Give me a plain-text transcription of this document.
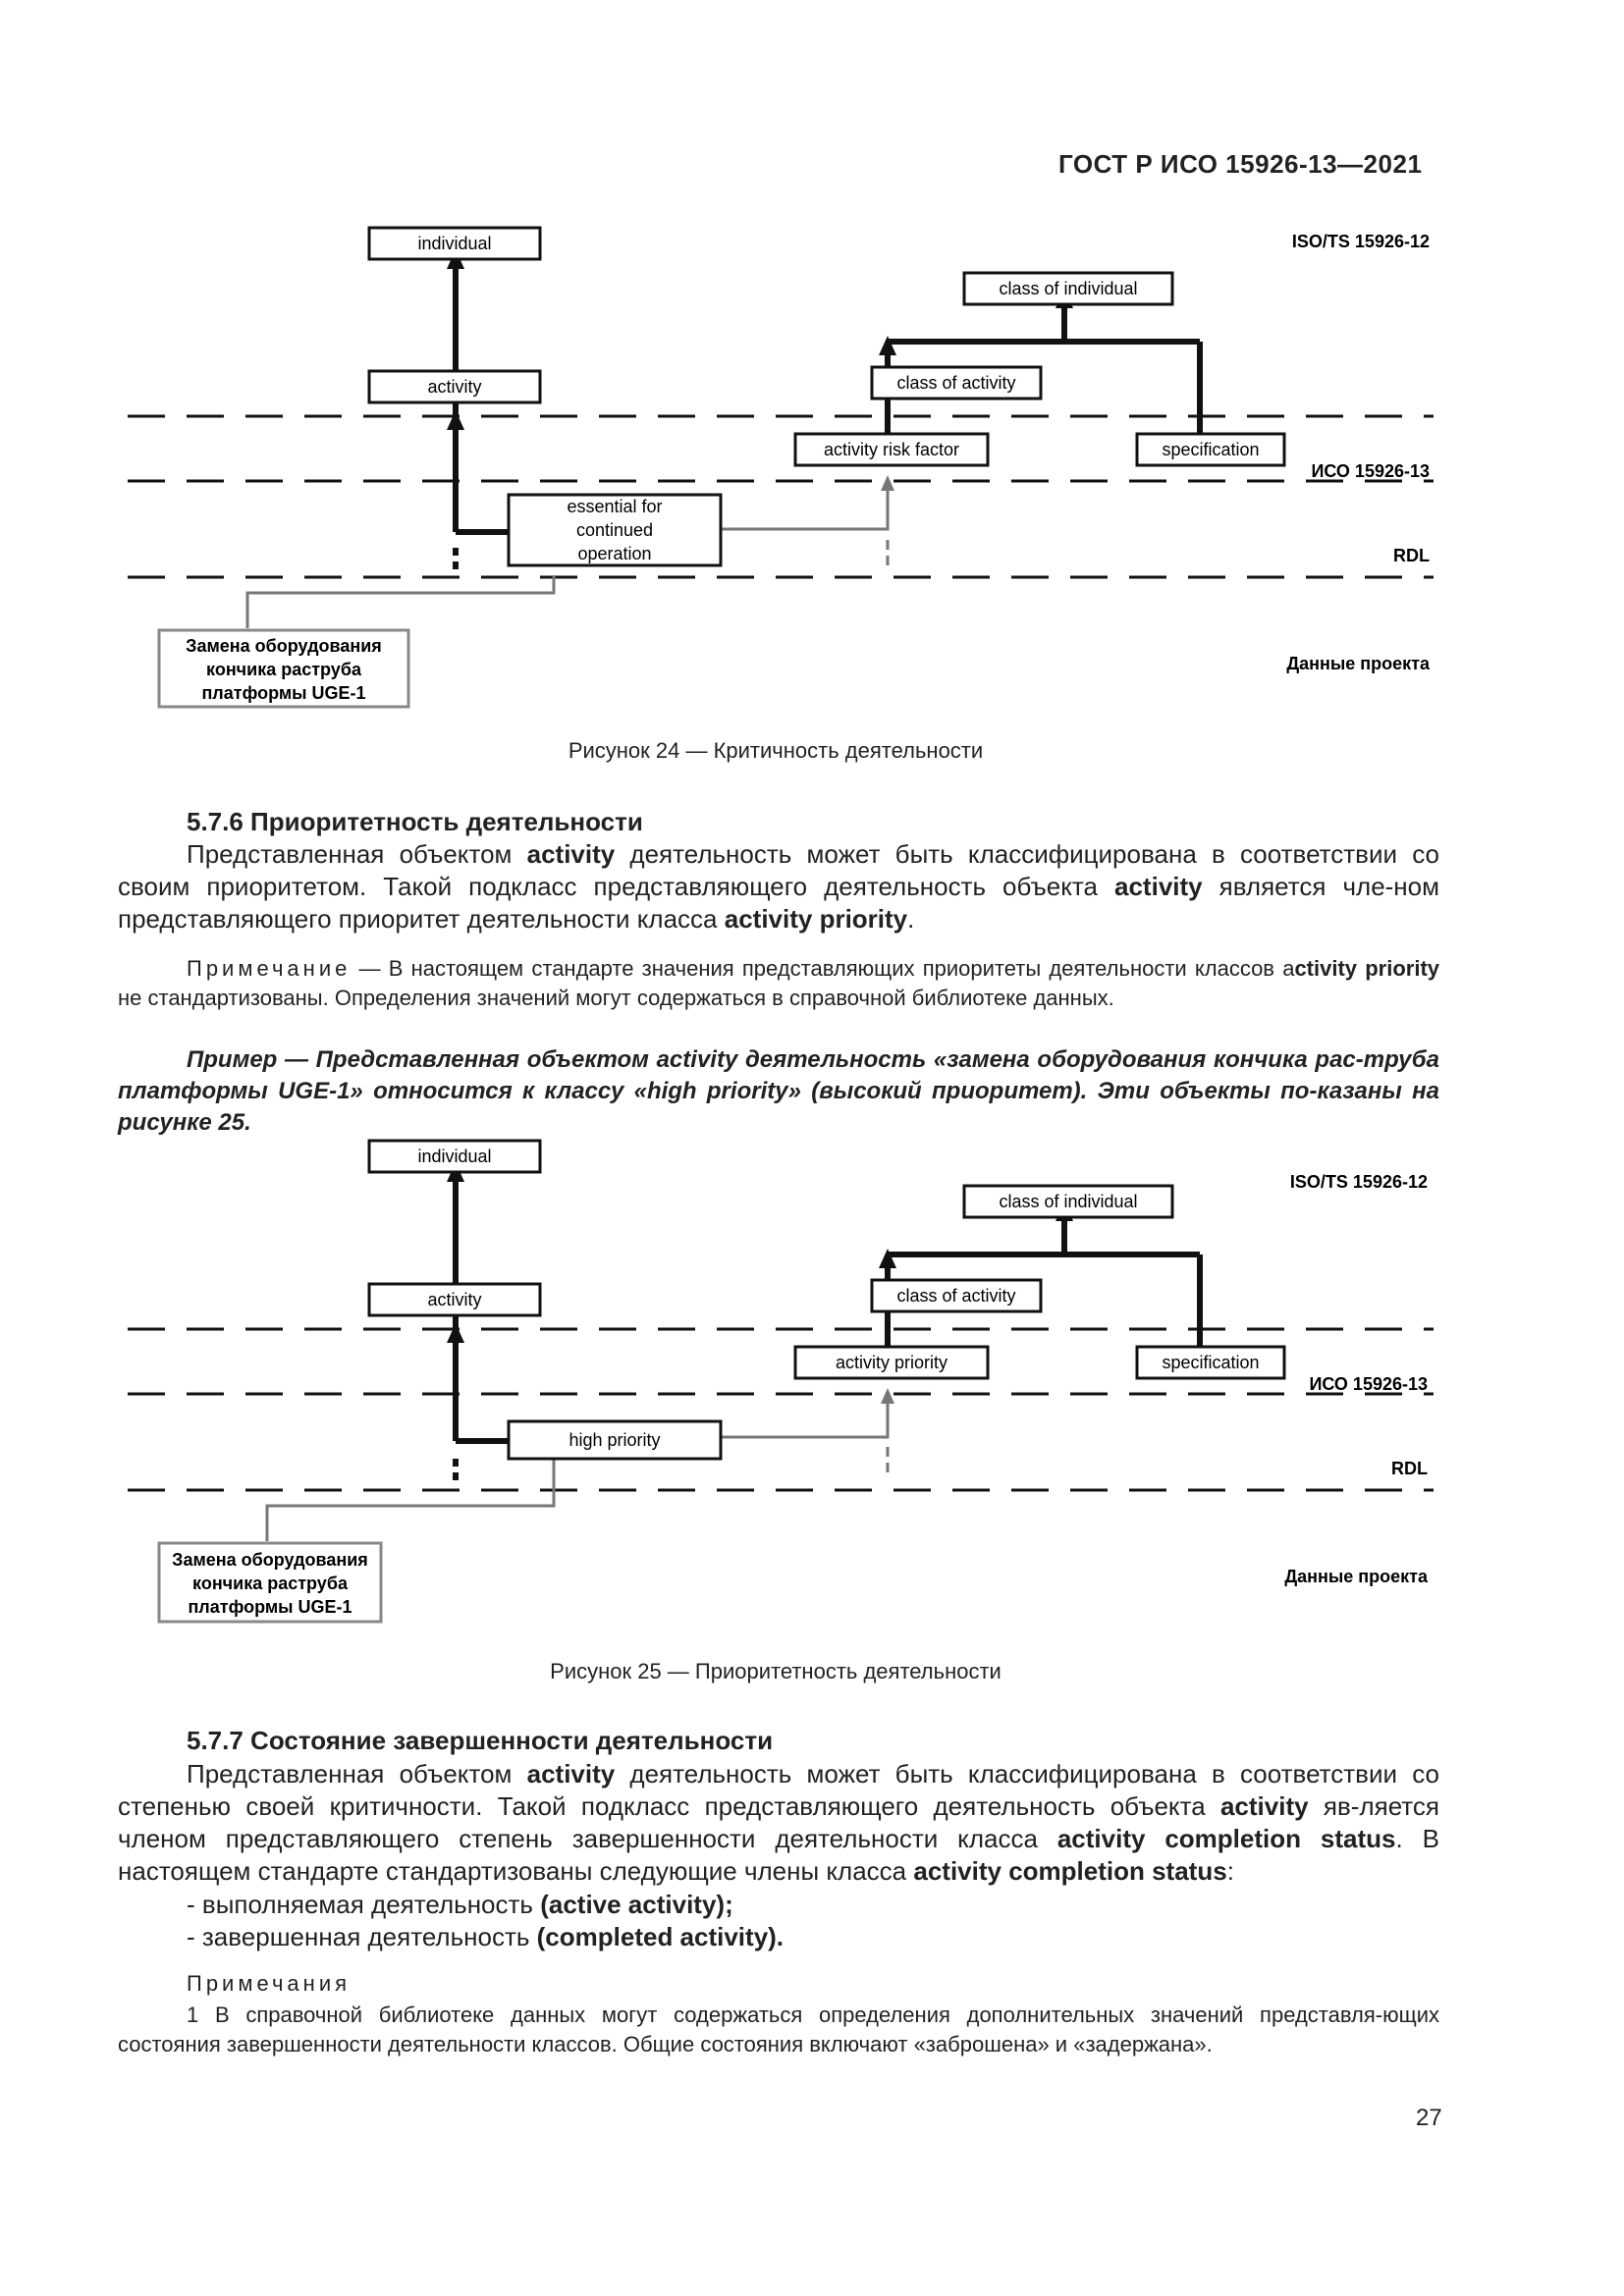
ГОСТ Р ИСО 15926-13—2021
ISO/TS 15926-12
ИСО 15926-13
RDL
Данные проекта
individual
activity
class of individual
class of activity
activity risk factor	specification
essential for
continued
operation
Замена оборудования
кончика раструба
платформы UGE-1
Рисунок 24 — Критичность деятельности
5.7.6 Приоритетность деятельности
Представленная объектом activity деятельность может быть классифицирована в соответствии со своим приоритетом. Такой подкласс представляющего деятельность объекта activity является чле-ном представляющего приоритет деятельности класса activity priority.
Примечание — В настоящем стандарте значения представляющих приоритеты деятельности классов аctivity priority не стандартизованы. Определения значений могут содержаться в справочной библиотеке данных.
Пример — Представленная объектом activity деятельность «замена оборудования кончика рас-труба платформы UGE-1» относится к классу «high priority» (высокий приоритет). Эти объекты по-казаны на рисунке 25.
ISO/TS 15926-12
ИСО 15926-13
RDL
Данные проекта
individual
activity
class of individual
class of activity
activity priority	specification
high priority
Замена оборудования
кончика раструба
платформы UGE-1
Рисунок 25 — Приоритетность деятельности
5.7.7 Состояние завершенности деятельности
Представленная объектом activity деятельность может быть классифицирована в соответствии со степенью своей критичности. Такой подкласс представляющего деятельность объекта activity яв-ляется членом представляющего степень завершенности деятельности класса activity completion status. В настоящем стандарте стандартизованы следующие члены класса activity completion status:
- выполняемая деятельность (active activity);
- завершенная деятельность (completed activity).
Примечания
1 В справочной библиотеке данных могут содержаться определения дополнительных значений представля-ющих состояния завершенности деятельности классов. Общие состояния включают «заброшена» и «задержана».
27
